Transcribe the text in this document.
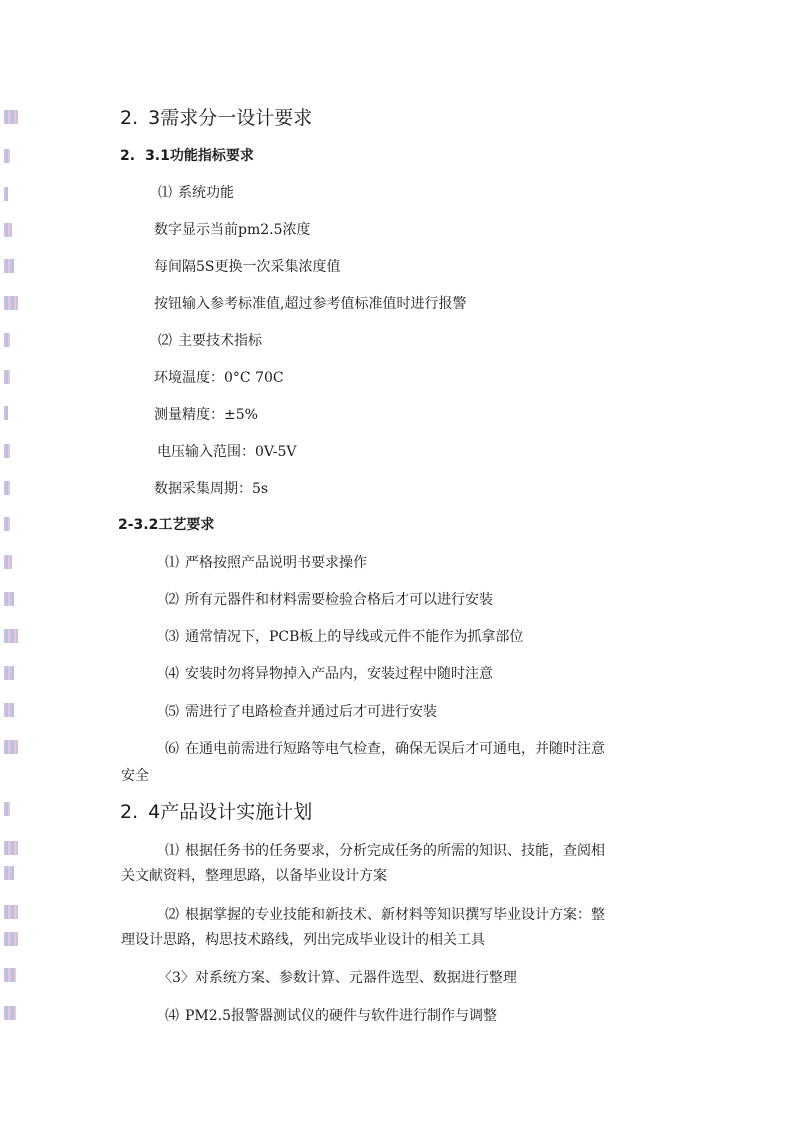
2. 3需求分一设计要求
2. 3.1功能指标要求
⑴ 系统功能
数字显示当前pm2.5浓度
每间隔5S更换一次采集浓度值
按钮输入参考标准值,超过参考值标准值时进行报警
⑵ 主要技术指标
环境温度：0°C 70C
测量精度：±5%
电压输入范围：0V-5V
数据采集周期：5s
2-3.2工艺要求
⑴ 严格按照产品说明书要求操作
⑵ 所有元器件和材料需要检验合格后才可以进行安装
⑶ 通常情况下，PCB板上的导线或元件不能作为抓拿部位
⑷ 安装时勿将异物掉入产品内，安装过程中随时注意
⑸ 需进行了电路检查并通过后才可进行安装
⑹ 在通电前需进行短路等电气检查，确保无误后才可通电，并随时注意
安全
2. 4产品设计实施计划
⑴ 根据任务书的任务要求，分析完成任务的所需的知识、技能，查阅相
关文献资料，整理思路，以备毕业设计方案
⑵ 根据掌握的专业技能和新技术、新材料等知识撰写毕业设计方案：整
理设计思路，构思技术路线，列出完成毕业设计的相关工具
〈3〉对系统方案、参数计算、元器件选型、数据进行整理
⑷ PM2.5报警器测试仪的硬件与软件进行制作与调整
